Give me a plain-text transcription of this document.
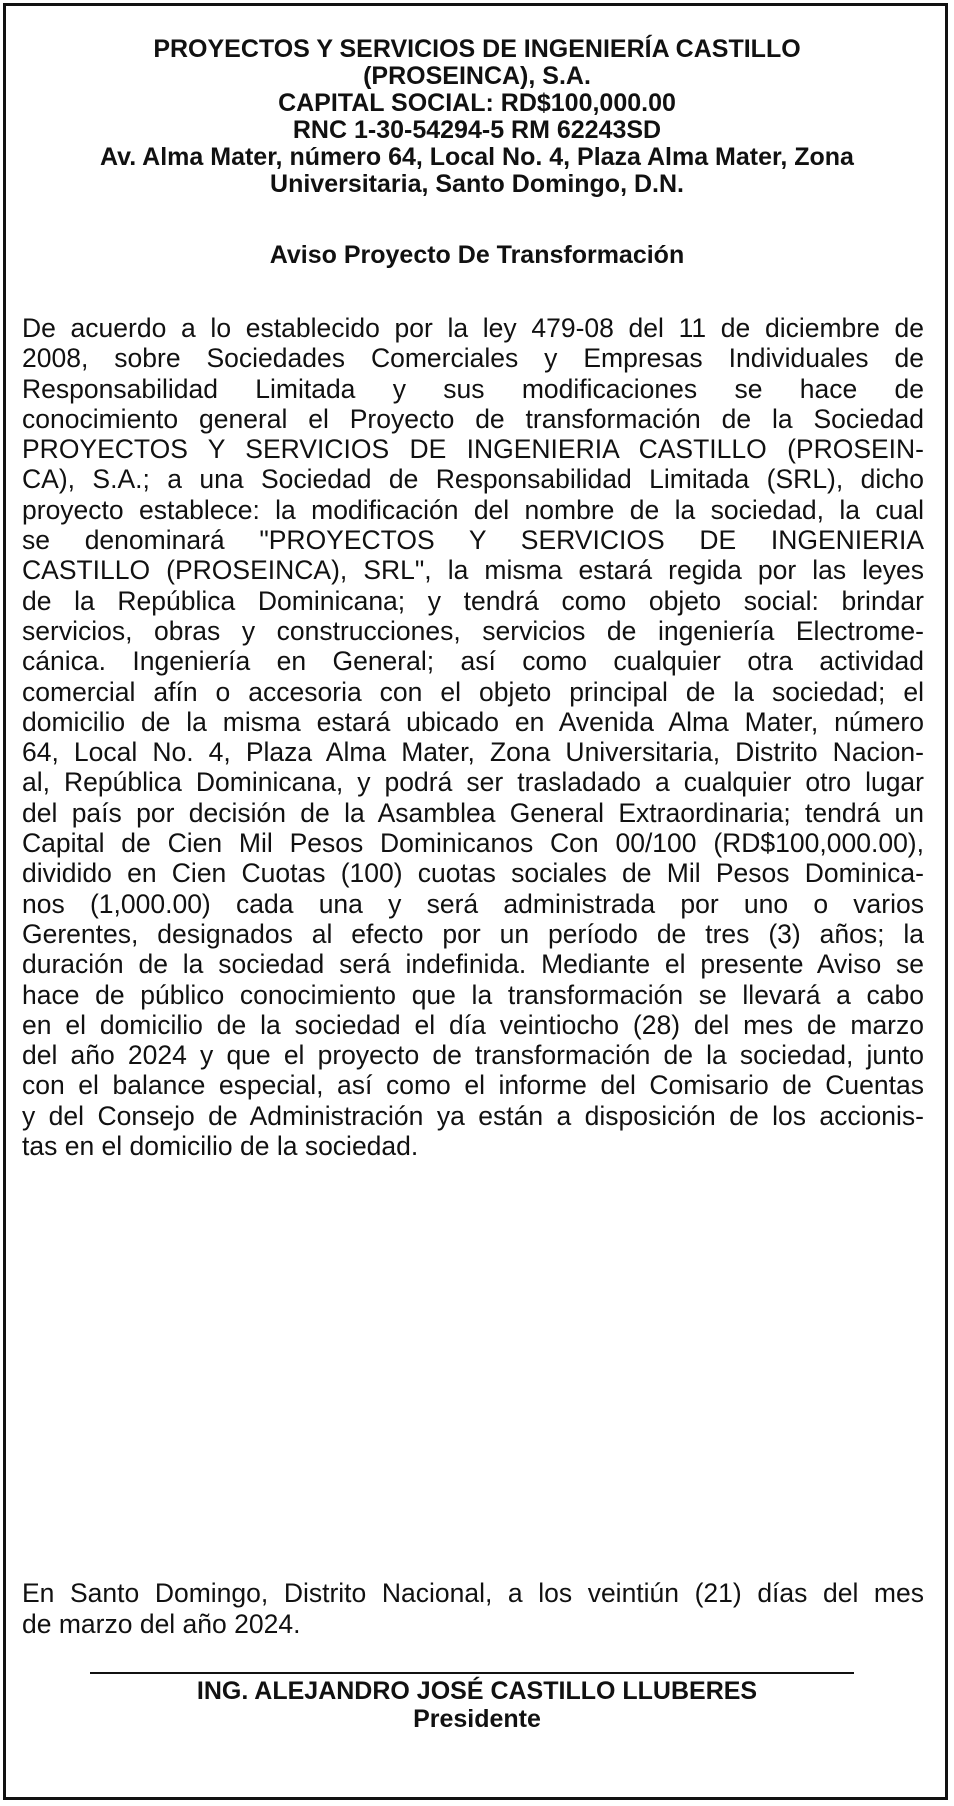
PROYECTOS Y SERVICIOS DE INGENIERÍA CASTILLO
(PROSEINCA), S.A.
CAPITAL SOCIAL: RD$100,000.00
RNC 1-30-54294-5 RM 62243SD
Av. Alma Mater, número 64, Local No. 4, Plaza Alma Mater, Zona
Universitaria, Santo Domingo, D.N.
Aviso Proyecto De Transformación
De acuerdo a lo establecido por la ley 479-08 del 11 de diciembre de
2008, sobre Sociedades Comerciales y Empresas Individuales de
Responsabilidad Limitada y sus modificaciones se hace de
conocimiento general el Proyecto de transformación de la Sociedad
PROYECTOS Y SERVICIOS DE INGENIERIA CASTILLO (PROSEIN-
CA), S.A.; a una Sociedad de Responsabilidad Limitada (SRL), dicho
proyecto establece: la modificación del nombre de la sociedad, la cual
se denominará "PROYECTOS Y SERVICIOS DE INGENIERIA
CASTILLO (PROSEINCA), SRL", la misma estará regida por las leyes
de la República Dominicana; y tendrá como objeto social: brindar
servicios, obras y construcciones, servicios de ingeniería Electrome-
cánica. Ingeniería en General; así como cualquier otra actividad
comercial afín o accesoria con el objeto principal de la sociedad; el
domicilio de la misma estará ubicado en Avenida Alma Mater, número
64, Local No. 4, Plaza Alma Mater, Zona Universitaria, Distrito Nacion-
al, República Dominicana, y podrá ser trasladado a cualquier otro lugar
del país por decisión de la Asamblea General Extraordinaria; tendrá un
Capital de Cien Mil Pesos Dominicanos Con 00/100 (RD$100,000.00),
dividido en Cien Cuotas (100) cuotas sociales de Mil Pesos Dominica-
nos (1,000.00) cada una y será administrada por uno o varios
Gerentes, designados al efecto por un período de tres (3) años; la
duración de la sociedad será indefinida. Mediante el presente Aviso se
hace de público conocimiento que la transformación se llevará a cabo
en el domicilio de la sociedad el día veintiocho (28) del mes de marzo
del año 2024 y que el proyecto de transformación de la sociedad, junto
con el balance especial, así como el informe del Comisario de Cuentas
y del Consejo de Administración ya están a disposición de los accionis-
tas en el domicilio de la sociedad.
En Santo Domingo, Distrito Nacional, a los veintiún (21) días del mes
de marzo del año 2024.
ING. ALEJANDRO JOSÉ CASTILLO LLUBERES
Presidente
